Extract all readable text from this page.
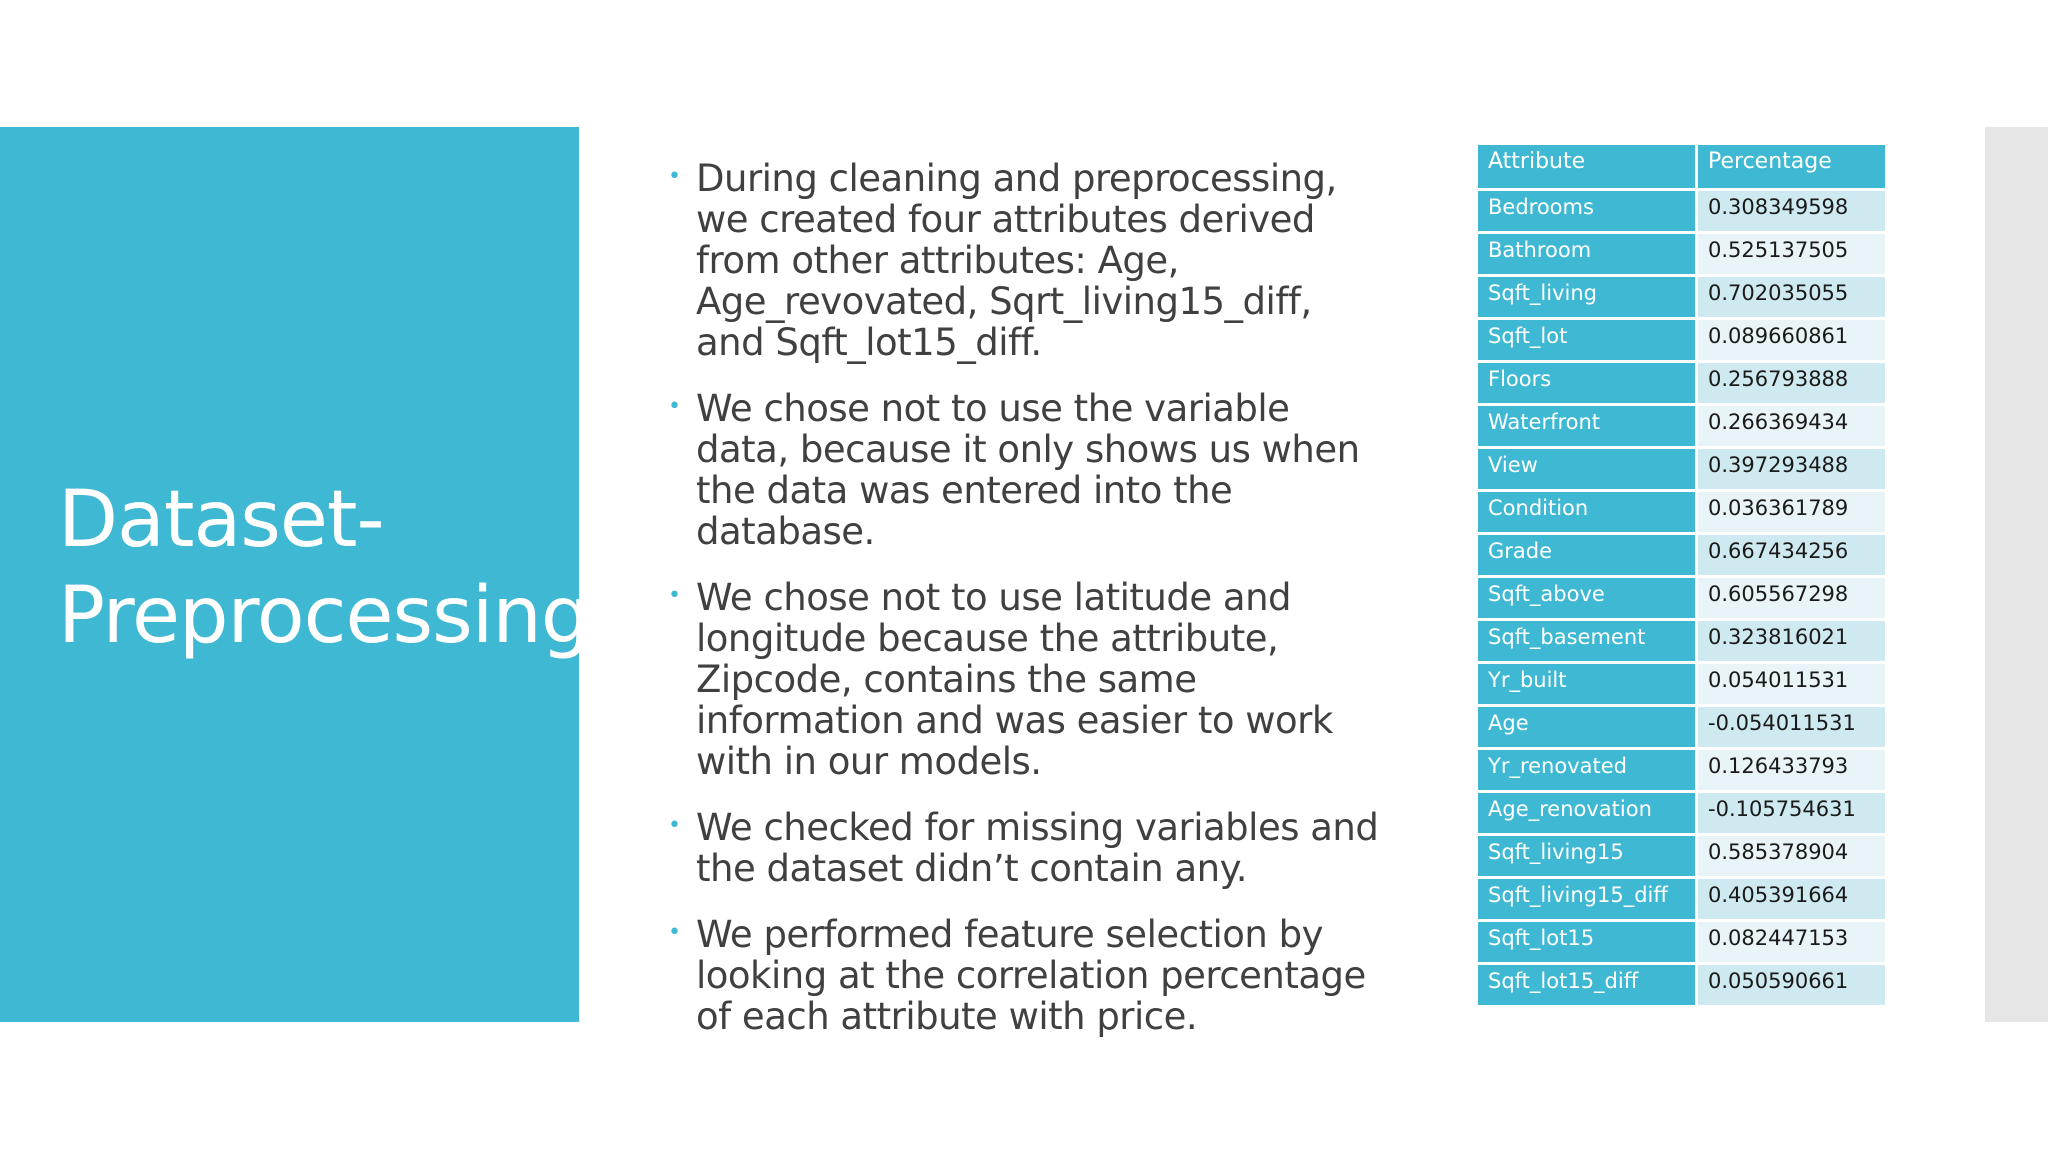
Dataset-
Preprocessing
• During cleaning and preprocessing, we created four attributes derived from other attributes: Age, Age_revovated, Sqrt_living15_diff, and Sqft_lot15_diff.
• We chose not to use the variable data, because it only shows us when the data was entered into the database.
• We chose not to use latitude and longitude because the attribute, Zipcode, contains the same information and was easier to work with in our models.
• We checked for missing variables and the dataset didn’t contain any.
• We performed feature selection by looking at the correlation percentage of each attribute with price.
Attribute	Percentage
Bedrooms	0.308349598
Bathroom	0.525137505
Sqft_living	0.702035055
Sqft_lot	0.089660861
Floors	0.256793888
Waterfront	0.266369434
View	0.397293488
Condition	0.036361789
Grade	0.667434256
Sqft_above	0.605567298
Sqft_basement	0.323816021
Yr_built	0.054011531
Age	-0.054011531
Yr_renovated	0.126433793
Age_renovation	-0.105754631
Sqft_living15	0.585378904
Sqft_living15_diff	0.405391664
Sqft_lot15	0.082447153
Sqft_lot15_diff	0.050590661
